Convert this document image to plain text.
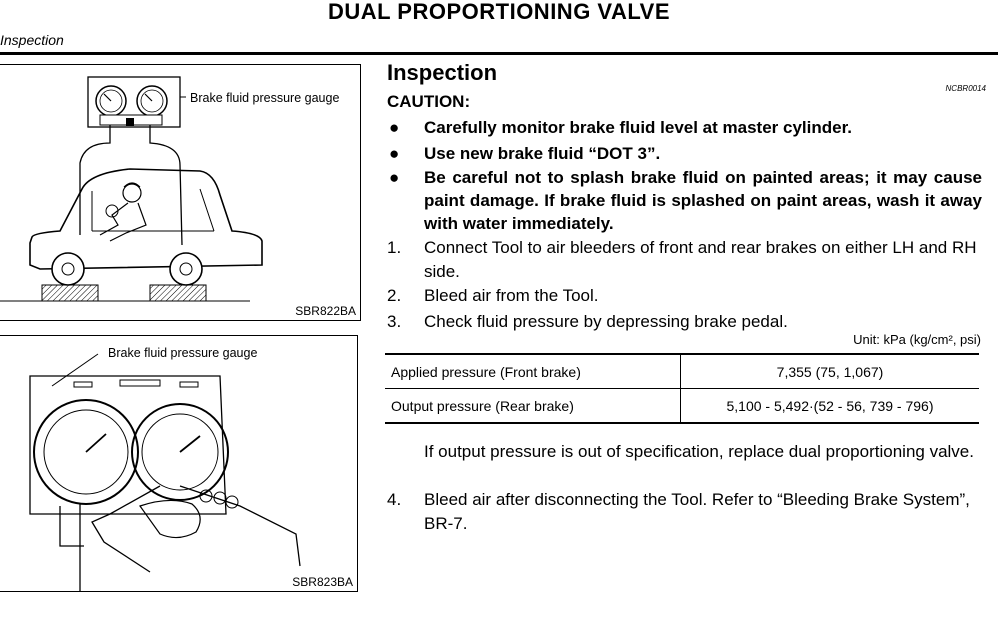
DUAL PROPORTIONING VALVE
Inspection
Brake fluid pressure gauge
SBR822BA
Brake fluid pressure gauge
SBR823BA
Inspection
NCBR0014
CAUTION:
●	Carefully monitor brake fluid level at master cylinder.
●	Use new brake fluid “DOT 3”.
●	Be careful not to splash brake fluid on painted areas; it may cause paint damage. If brake fluid is splashed on paint areas, wash it away with water immediately.
1.	Connect Tool to air bleeders of front and rear brakes on either LH and RH side.
2.	Bleed air from the Tool.
3.	Check fluid pressure by depressing brake pedal.
Unit: kPa (kg/cm², psi)
Applied pressure (Front brake)	7,355 (75, 1,067)
Output pressure (Rear brake)	5,100 - 5,492·(52 - 56, 739 - 796)
If output pressure is out of specification, replace dual proportioning valve.
4.	Bleed air after disconnecting the Tool. Refer to “Bleeding Brake System”, BR-7.
